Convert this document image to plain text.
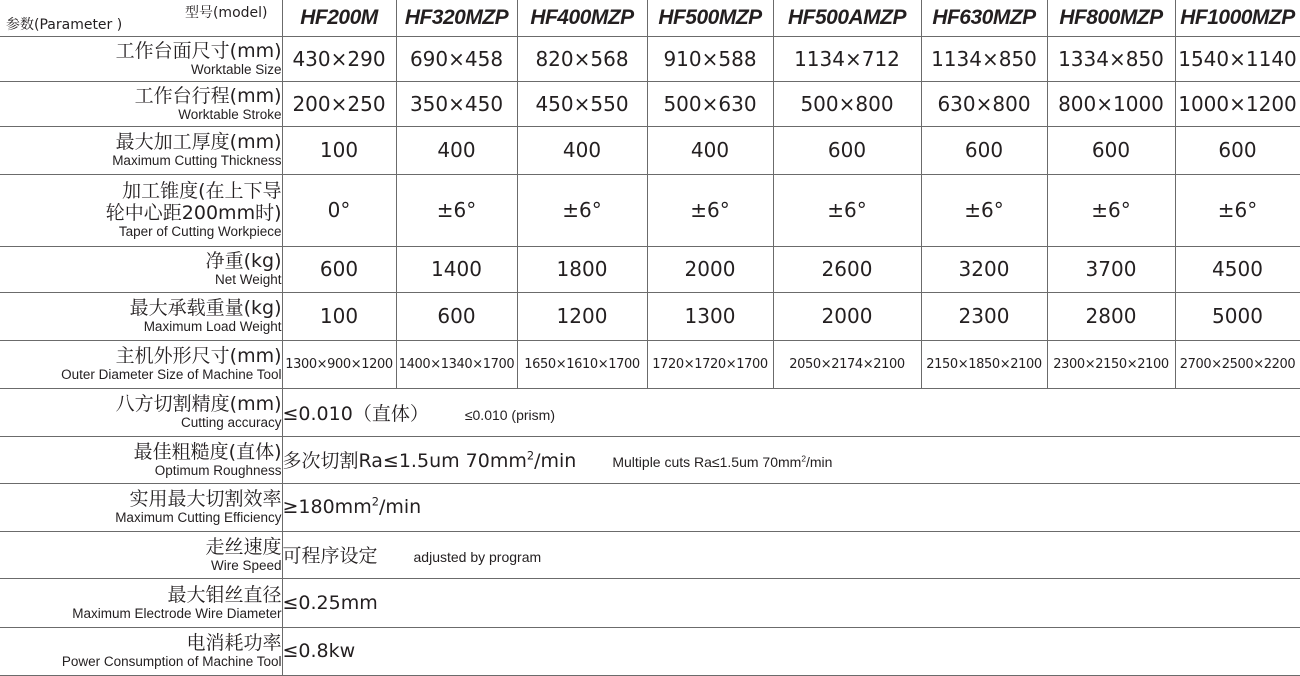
型号(model)
参数(Parameter )	HF200M	HF320MZP	HF400MZP	HF500MZP	HF500AMZP	HF630MZP	HF800MZP	HF1000MZP

工作台面尺寸(mm)
Worktable Size	430×290	690×458	820×568	910×588	1134×712	1134×850	1334×850	1540×1140

工作台行程(mm)
Worktable Stroke	200×250	350×450	450×550	500×630	500×800	630×800	800×1000	1000×1200

最大加工厚度(mm)
Maximum Cutting Thickness	100	400	400	400	600	600	600	600

加工锥度(在上下导
轮中心距200mm时)
Taper of Cutting Workpiece	0°	±6°	±6°	±6°	±6°	±6°	±6°	±6°

净重(kg)
Net Weight	600	1400	1800	2000	2600	3200	3700	4500

最大承载重量(kg)
Maximum Load Weight	100	600	1200	1300	2000	2300	2800	5000

主机外形尺寸(mm)
Outer Diameter Size of Machine Tool	1300×900×1200	1400×1340×1700	1650×1610×1700	1720×1720×1700	2050×2174×2100	2150×1850×2100	2300×2150×2100	2700×2500×2200

八方切割精度(mm)
Cutting accuracy	≤0.010（直体） ≤0.010 (prism)							

最佳粗糙度(直体)
Optimum Roughness	多次切割Ra≤1.5um $70mm^2/\min$ Multiple cuts Ra≤1.5um $70mm^2/\min$							

实用最大切割效率
Maximum Cutting Efficiency	$\ge 180mm^2/\min$							

走丝速度
Wire Speed	可程序设定 adjusted by program							

最大钼丝直径
Maximum Electrode Wire Diameter	≤0.25mm							

电消耗功率
Power Consumption of Machine Tool	≤0.8kw							
